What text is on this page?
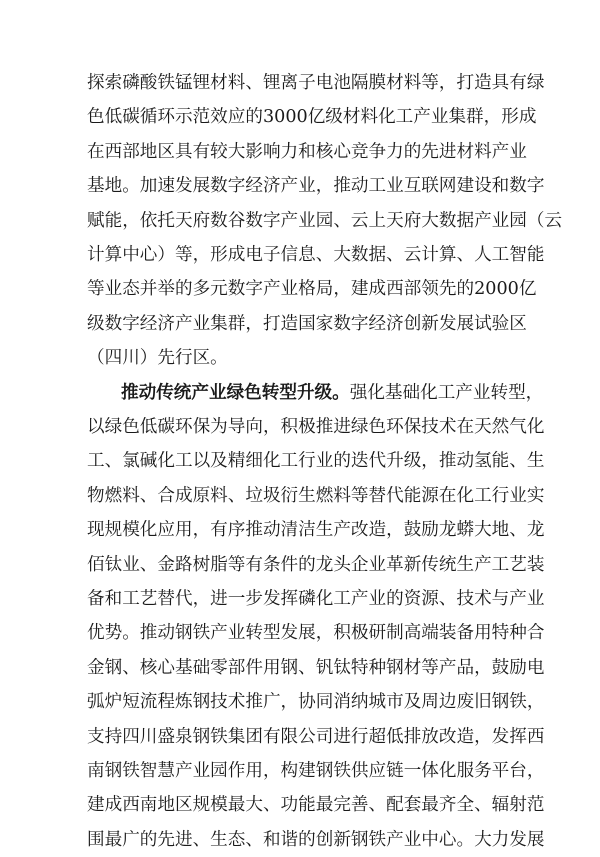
探索磷酸铁锰锂材料、锂离子电池隔膜材料等，打造具有绿
色低碳循环示范效应的3000亿级材料化工产业集群，形成
在西部地区具有较大影响力和核心竞争力的先进材料产业
基地。加速发展数字经济产业，推动工业互联网建设和数字
赋能，依托天府数谷数字产业园、云上天府大数据产业园（云
计算中心）等，形成电子信息、大数据、云计算、人工智能
等业态并举的多元数字产业格局，建成西部领先的2000亿
级数字经济产业集群，打造国家数字经济创新发展试验区
（四川）先行区。
推动传统产业绿色转型升级。强化基础化工产业转型，
以绿色低碳环保为导向，积极推进绿色环保技术在天然气化
工、氯碱化工以及精细化工行业的迭代升级，推动氢能、生
物燃料、合成原料、垃圾衍生燃料等替代能源在化工行业实
现规模化应用，有序推动清洁生产改造，鼓励龙蟒大地、龙
佰钛业、金路树脂等有条件的龙头企业革新传统生产工艺装
备和工艺替代，进一步发挥磷化工产业的资源、技术与产业
优势。推动钢铁产业转型发展，积极研制高端装备用特种合
金钢、核心基础零部件用钢、钒钛特种钢材等产品，鼓励电
弧炉短流程炼钢技术推广，协同消纳城市及周边废旧钢铁，
支持四川盛泉钢铁集团有限公司进行超低排放改造，发挥西
南钢铁智慧产业园作用，构建钢铁供应链一体化服务平台，
建成西南地区规模最大、功能最完善、配套最齐全、辐射范
围最广的先进、生态、和谐的创新钢铁产业中心。大力发展
